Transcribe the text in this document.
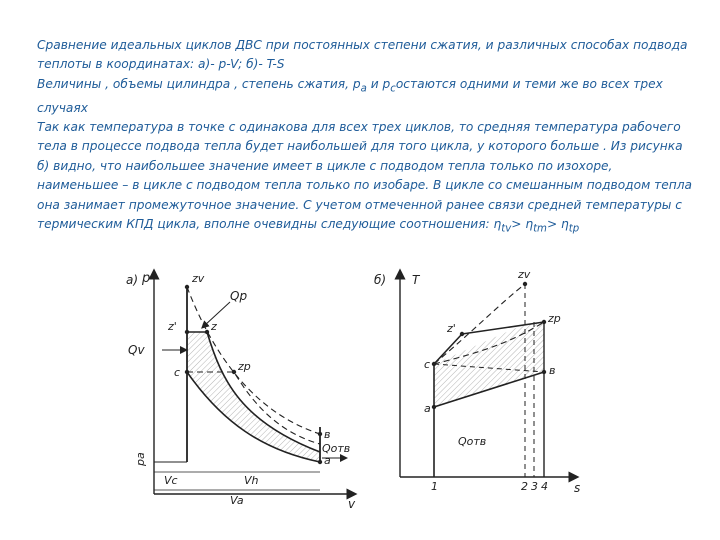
Сравнение идеальных циклов ДВС при постоянных степени сжатия, и различных способах подвода теплоты в координатах: а)- p-V; б)- T-S

Величины , объемы цилиндра , степень сжатия, $p_a$ и $p_cостаются$ одними и теми же во всех трех случаях

Так как температура в точке с одинакова для всех трех циклов, то средняя температура рабочего тела в процессе подвода тепла будет наибольшей для того цикла, у которого больше . Из рисунка б) видно, что наибольшее значение имеет в цикле с подводом тепла только по изохоре, наименьшее – в цикле с подводом тепла только по изобаре. В цикле со смешанным подводом тепла она занимает промежуточное значение. С учетом отмеченной ранее связи средней температуры с термическим КПД цикла, вполне очевидны следующие соотношения: $\eta_{tv}> \eta_{tm}> \eta_{tp}$

а) p
v
zv
z'	z
Qp
Qv
c	zp
в
a
Qотв
pa
Vc	Vh
Va
б) T
s
zv
z'
zp
c	в
a
Qотв
1	2 3 4
